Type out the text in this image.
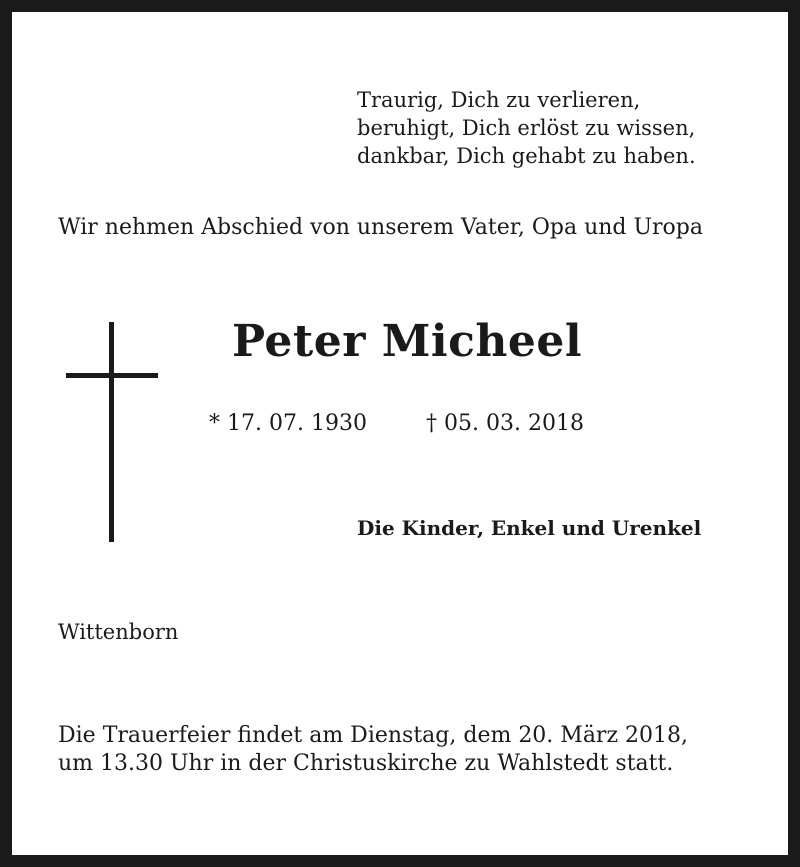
Traurig, Dich zu verlieren,
beruhigt, Dich erlöst zu wissen,
dankbar, Dich gehabt zu haben.
Wir nehmen Abschied von unserem Vater, Opa und Uropa
Peter Micheel
* 17. 07. 1930	† 05. 03. 2018
Die Kinder, Enkel und Urenkel
Wittenborn
Die Trauerfeier findet am Dienstag, dem 20. März 2018,
um 13.30 Uhr in der Christuskirche zu Wahlstedt statt.
